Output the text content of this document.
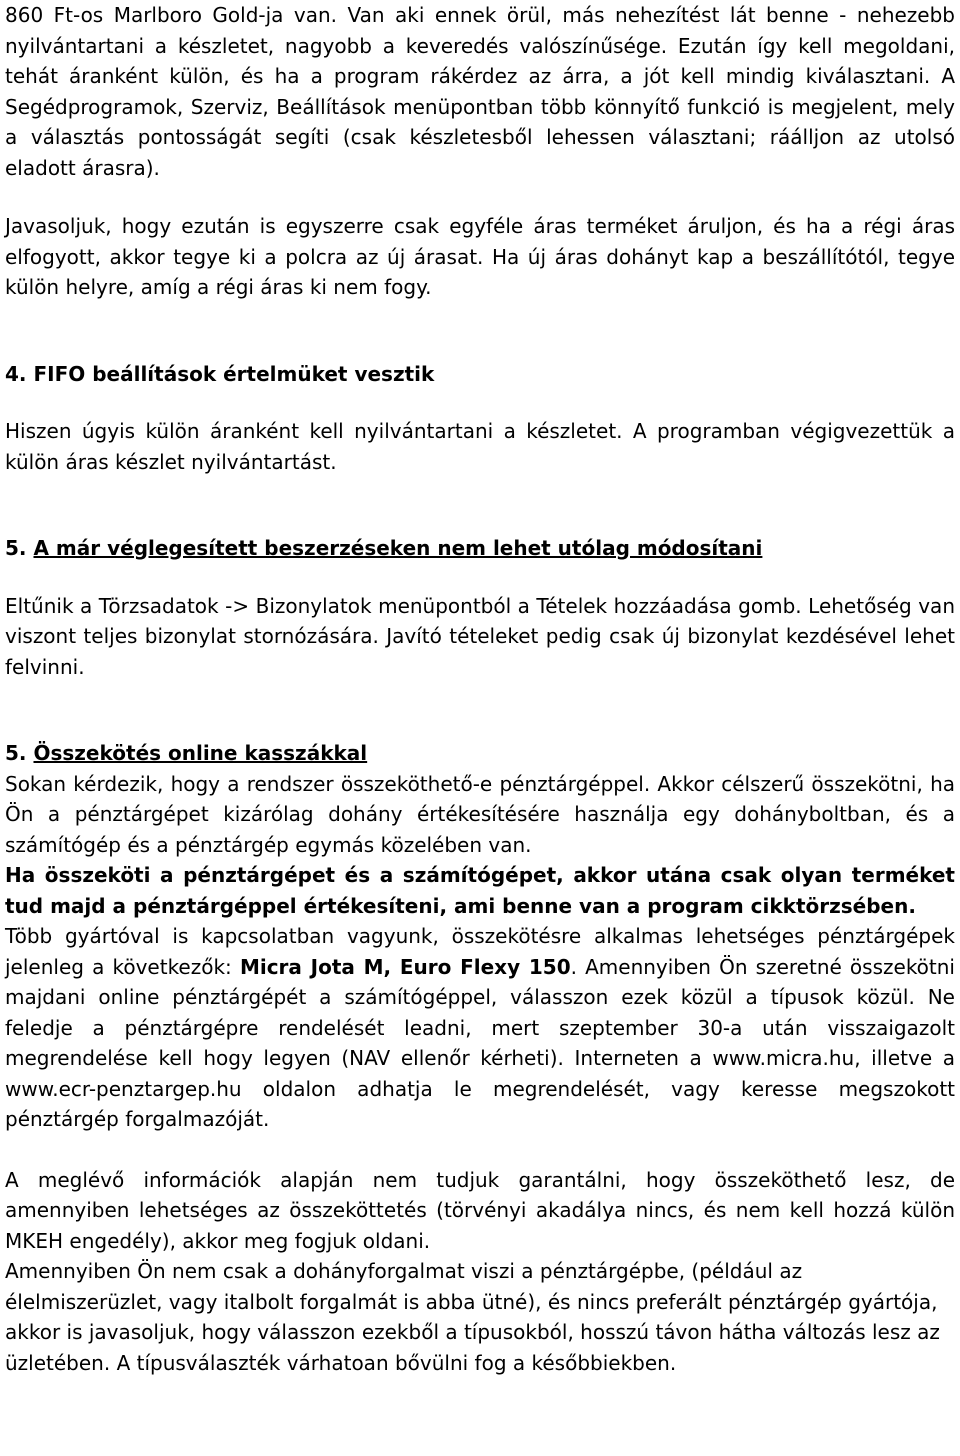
860 Ft-os Marlboro Gold-ja van. Van aki ennek örül, más nehezítést lát benne - nehezebb nyilvántartani a készletet, nagyobb a keveredés valószínűsége. Ezután így kell megoldani, tehát áranként külön, és ha a program rákérdez az árra, a jót kell mindig kiválasztani. A Segédprogramok, Szerviz, Beállítások menüpontban több könnyítő funkció is megjelent, mely a választás pontosságát segíti (csak készletesből lehessen választani; ráálljon az utolsó eladott árasra).

Javasoljuk, hogy ezután is egyszerre csak egyféle áras terméket áruljon, és ha a régi áras elfogyott, akkor tegye ki a polcra az új árasat. Ha új áras dohányt kap a beszállítótól, tegye külön helyre, amíg a régi áras ki nem fogy.

4. FIFO beállítások értelmüket vesztik

Hiszen úgyis külön áranként kell nyilvántartani a készletet. A programban végigvezettük a külön áras készlet nyilvántartást.

5. A már véglegesített beszerzéseken nem lehet utólag módosítani

Eltűnik a Törzsadatok -> Bizonylatok menüpontból a Tételek hozzáadása gomb. Lehetőség van viszont teljes bizonylat stornózására. Javító tételeket pedig csak új bizonylat kezdésével lehet felvinni.

5. Összekötés online kasszákkal

Sokan kérdezik, hogy a rendszer összeköthető-e pénztárgéppel. Akkor célszerű összekötni, ha Ön a pénztárgépet kizárólag dohány értékesítésére használja egy dohányboltban, és a számítógép és a pénztárgép egymás közelében van.

Ha összeköti a pénztárgépet és a számítógépet, akkor utána csak olyan terméket tud majd a pénztárgéppel értékesíteni, ami benne van a program cikktörzsében.

Több gyártóval is kapcsolatban vagyunk, összekötésre alkalmas lehetséges pénztárgépek jelenleg a következők: Micra Jota M, Euro Flexy 150. Amennyiben Ön szeretné összekötni majdani online pénztárgépét a számítógéppel, válasszon ezek közül a típusok közül. Ne feledje a pénztárgépre rendelését leadni, mert szeptember 30-a után visszaigazolt megrendelése kell hogy legyen (NAV ellenőr kérheti). Interneten a www.micra.hu, illetve a www.ecr-penztargep.hu oldalon adhatja le megrendelését, vagy keresse megszokott pénztárgép forgalmazóját.

A meglévő információk alapján nem tudjuk garantálni, hogy összeköthető lesz, de amennyiben lehetséges az összeköttetés (törvényi akadálya nincs, és nem kell hozzá külön MKEH engedély), akkor meg fogjuk oldani.

Amennyiben Ön nem csak a dohányforgalmat viszi a pénztárgépbe, (például az élelmiszerüzlet, vagy italbolt forgalmát is abba ütné), és nincs preferált pénztárgép gyártója, akkor is javasoljuk, hogy válasszon ezekből a típusokból, hosszú távon hátha változás lesz az üzletében. A típusválaszték várhatoan bővülni fog a későbbiekben.
